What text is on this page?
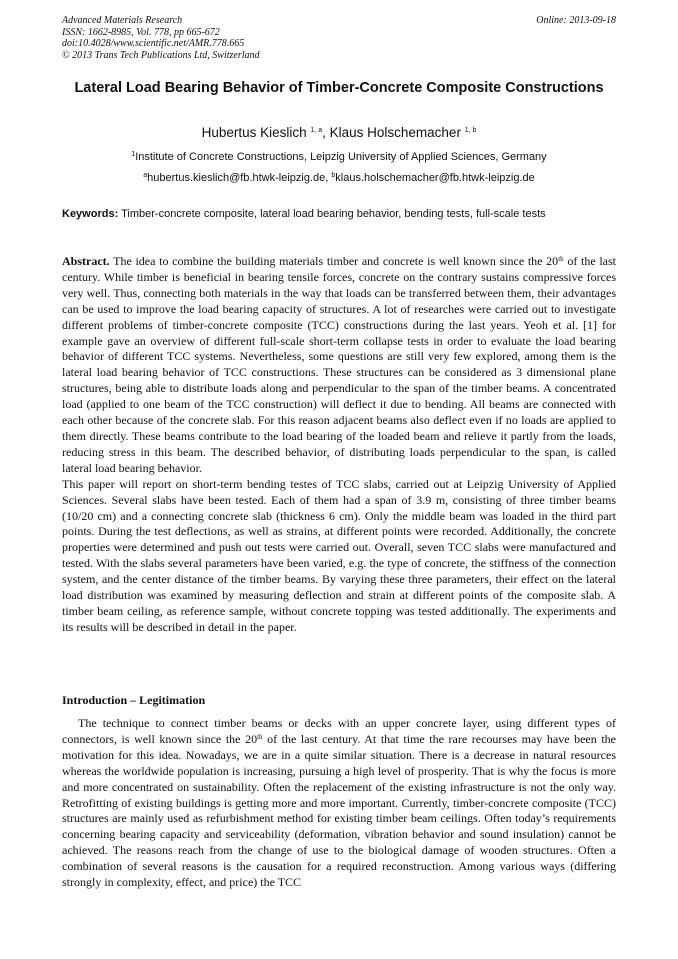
Advanced Materials Research
ISSN: 1662-8985, Vol. 778, pp 665-672
doi:10.4028/www.scientific.net/AMR.778.665
© 2013 Trans Tech Publications Ltd, Switzerland
Online: 2013-09-18
Lateral Load Bearing Behavior of Timber-Concrete Composite Constructions
Hubertus Kieslich $^{1, a}$, Klaus Holschemacher $^{1, b}$
$^1$Institute of Concrete Constructions, Leipzig University of Applied Sciences, Germany
$^a$hubertus.kieslich@fb.htwk-leipzig.de, $^b$klaus.holschemacher@fb.htwk-leipzig.de
Keywords: Timber-concrete composite, lateral load bearing behavior, bending tests, full-scale tests

Abstract. The idea to combine the building materials timber and concrete is well known since the 20th of the last century. While timber is beneficial in bearing tensile forces, concrete on the contrary sustains compressive forces very well. Thus, connecting both materials in the way that loads can be transferred between them, their advantages can be used to improve the load bearing capacity of structures. A lot of researches were carried out to investigate different problems of timber-concrete composite (TCC) constructions during the last years. Yeoh et al. [1] for example gave an overview of different full-scale short-term collapse tests in order to evaluate the load bearing behavior of different TCC systems. Nevertheless, some questions are still very few explored, among them is the lateral load bearing behavior of TCC constructions. These structures can be considered as 3 dimensional plane structures, being able to distribute loads along and perpendicular to the span of the timber beams. A concentrated load (applied to one beam of the TCC construction) will deflect it due to bending. All beams are connected with each other because of the concrete slab. For this reason adjacent beams also deflect even if no loads are applied to them directly. These beams contribute to the load bearing of the loaded beam and relieve it partly from the loads, reducing stress in this beam. The described behavior, of distributing loads perpendicular to the span, is called lateral load bearing behavior.

This paper will report on short-term bending testes of TCC slabs, carried out at Leipzig University of Applied Sciences. Several slabs have been tested. Each of them had a span of 3.9 m, consisting of three timber beams (10/20 cm) and a connecting concrete slab (thickness 6 cm). Only the middle beam was loaded in the third part points. During the test deflections, as well as strains, at different points were recorded. Additionally, the concrete properties were determined and push out tests were carried out. Overall, seven TCC slabs were manufactured and tested. With the slabs several parameters have been varied, e.g. the type of concrete, the stiffness of the connection system, and the center distance of the timber beams. By varying these three parameters, their effect on the lateral load distribution was examined by measuring deflection and strain at different points of the composite slab. A timber beam ceiling, as reference sample, without concrete topping was tested additionally. The experiments and its results will be described in detail in the paper.

Introduction – Legitimation

The technique to connect timber beams or decks with an upper concrete layer, using different types of connectors, is well known since the 20th of the last century. At that time the rare recourses may have been the motivation for this idea. Nowadays, we are in a quite similar situation. There is a decrease in natural resources whereas the worldwide population is increasing, pursuing a high level of prosperity. That is why the focus is more and more concentrated on sustainability. Often the replacement of the existing infrastructure is not the only way. Retrofitting of existing buildings is getting more and more important. Currently, timber-concrete composite (TCC) structures are mainly used as refurbishment method for existing timber beam ceilings. Often today’s requirements concerning bearing capacity and serviceability (deformation, vibration behavior and sound insulation) cannot be achieved. The reasons reach from the change of use to the biological damage of wooden structures. Often a combination of several reasons is the causation for a required reconstruction. Among various ways (differing strongly in complexity, effect, and price) the TCC
